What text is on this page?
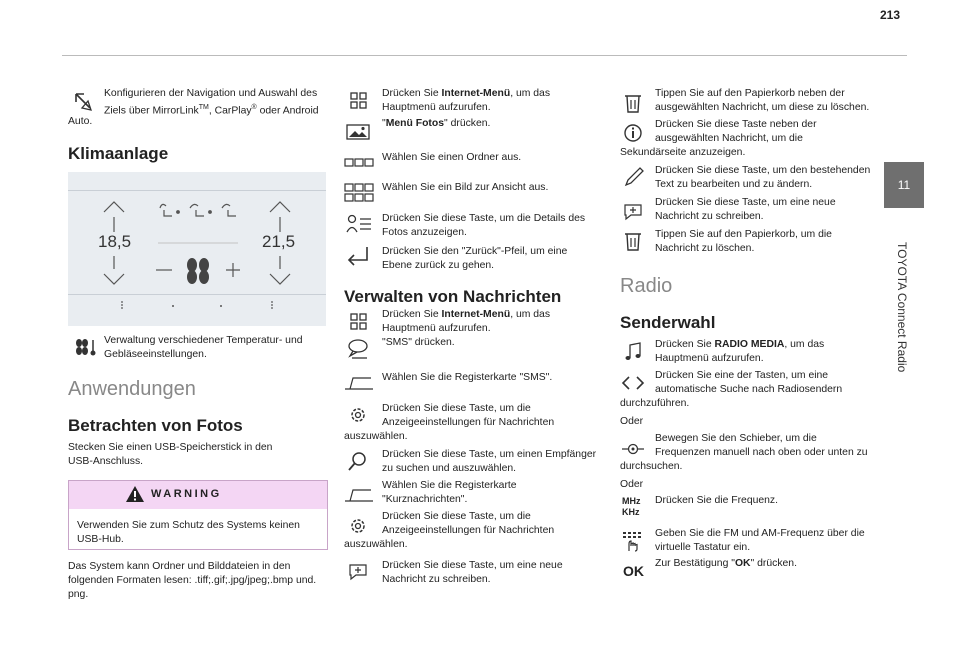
213
11
TOYOTA Connect Radio
Konfigurieren der Navigation und Auswahl des
Ziels über MirrorLink™, CarPlay® oder Android
Auto.
Klimaanlage
18,5	21,5
Verwaltung verschiedener Temperatur- und
Gebläseeinstellungen.
Anwendungen
Betrachten von Fotos
Stecken Sie einen USB-Speicherstick in den
USB-Anschluss.
WARNING
Verwenden Sie zum Schutz des Systems keinen
USB-Hub.
Das System kann Ordner und Bilddateien in den
folgenden Formaten lesen: .tiff;.gif;.jpg/jpeg;.bmp und.
png.
Drücken Sie Internet-Menü, um das
Hauptmenü aufzurufen.
"Menü Fotos" drücken.
Wählen Sie einen Ordner aus.
Wählen Sie ein Bild zur Ansicht aus.
Drücken Sie diese Taste, um die Details des
Fotos anzuzeigen.
Drücken Sie den "Zurück"-Pfeil, um eine
Ebene zurück zu gehen.
Verwalten von Nachrichten
Drücken Sie Internet-Menü, um das
Hauptmenü aufzurufen.
"SMS" drücken.
Wählen Sie die Registerkarte "SMS".
Drücken Sie diese Taste, um die
Anzeigeeinstellungen für Nachrichten
auszuwählen.
Drücken Sie diese Taste, um einen Empfänger
zu suchen und auszuwählen.
Wählen Sie die Registerkarte
"Kurznachrichten".
Drücken Sie diese Taste, um die
Anzeigeeinstellungen für Nachrichten
auszuwählen.
Drücken Sie diese Taste, um eine neue
Nachricht zu schreiben.
Tippen Sie auf den Papierkorb neben der
ausgewählten Nachricht, um diese zu löschen.
Drücken Sie diese Taste neben der
ausgewählten Nachricht, um die
Sekundärseite anzuzeigen.
Drücken Sie diese Taste, um den bestehenden
Text zu bearbeiten und zu ändern.
Drücken Sie diese Taste, um eine neue
Nachricht zu schreiben.
Tippen Sie auf den Papierkorb, um die
Nachricht zu löschen.
Radio
Senderwahl
Drücken Sie RADIO MEDIA, um das
Hauptmenü aufzurufen.
Drücken Sie eine der Tasten, um eine
automatische Suche nach Radiosendern
durchzuführen.
Oder
Bewegen Sie den Schieber, um die
Frequenzen manuell nach oben oder unten zu
durchsuchen.
Oder
MHz
KHz
Drücken Sie die Frequenz.
Geben Sie die FM und AM-Frequenz über die
virtuelle Tastatur ein.
OK Zur Bestätigung "OK" drücken.
